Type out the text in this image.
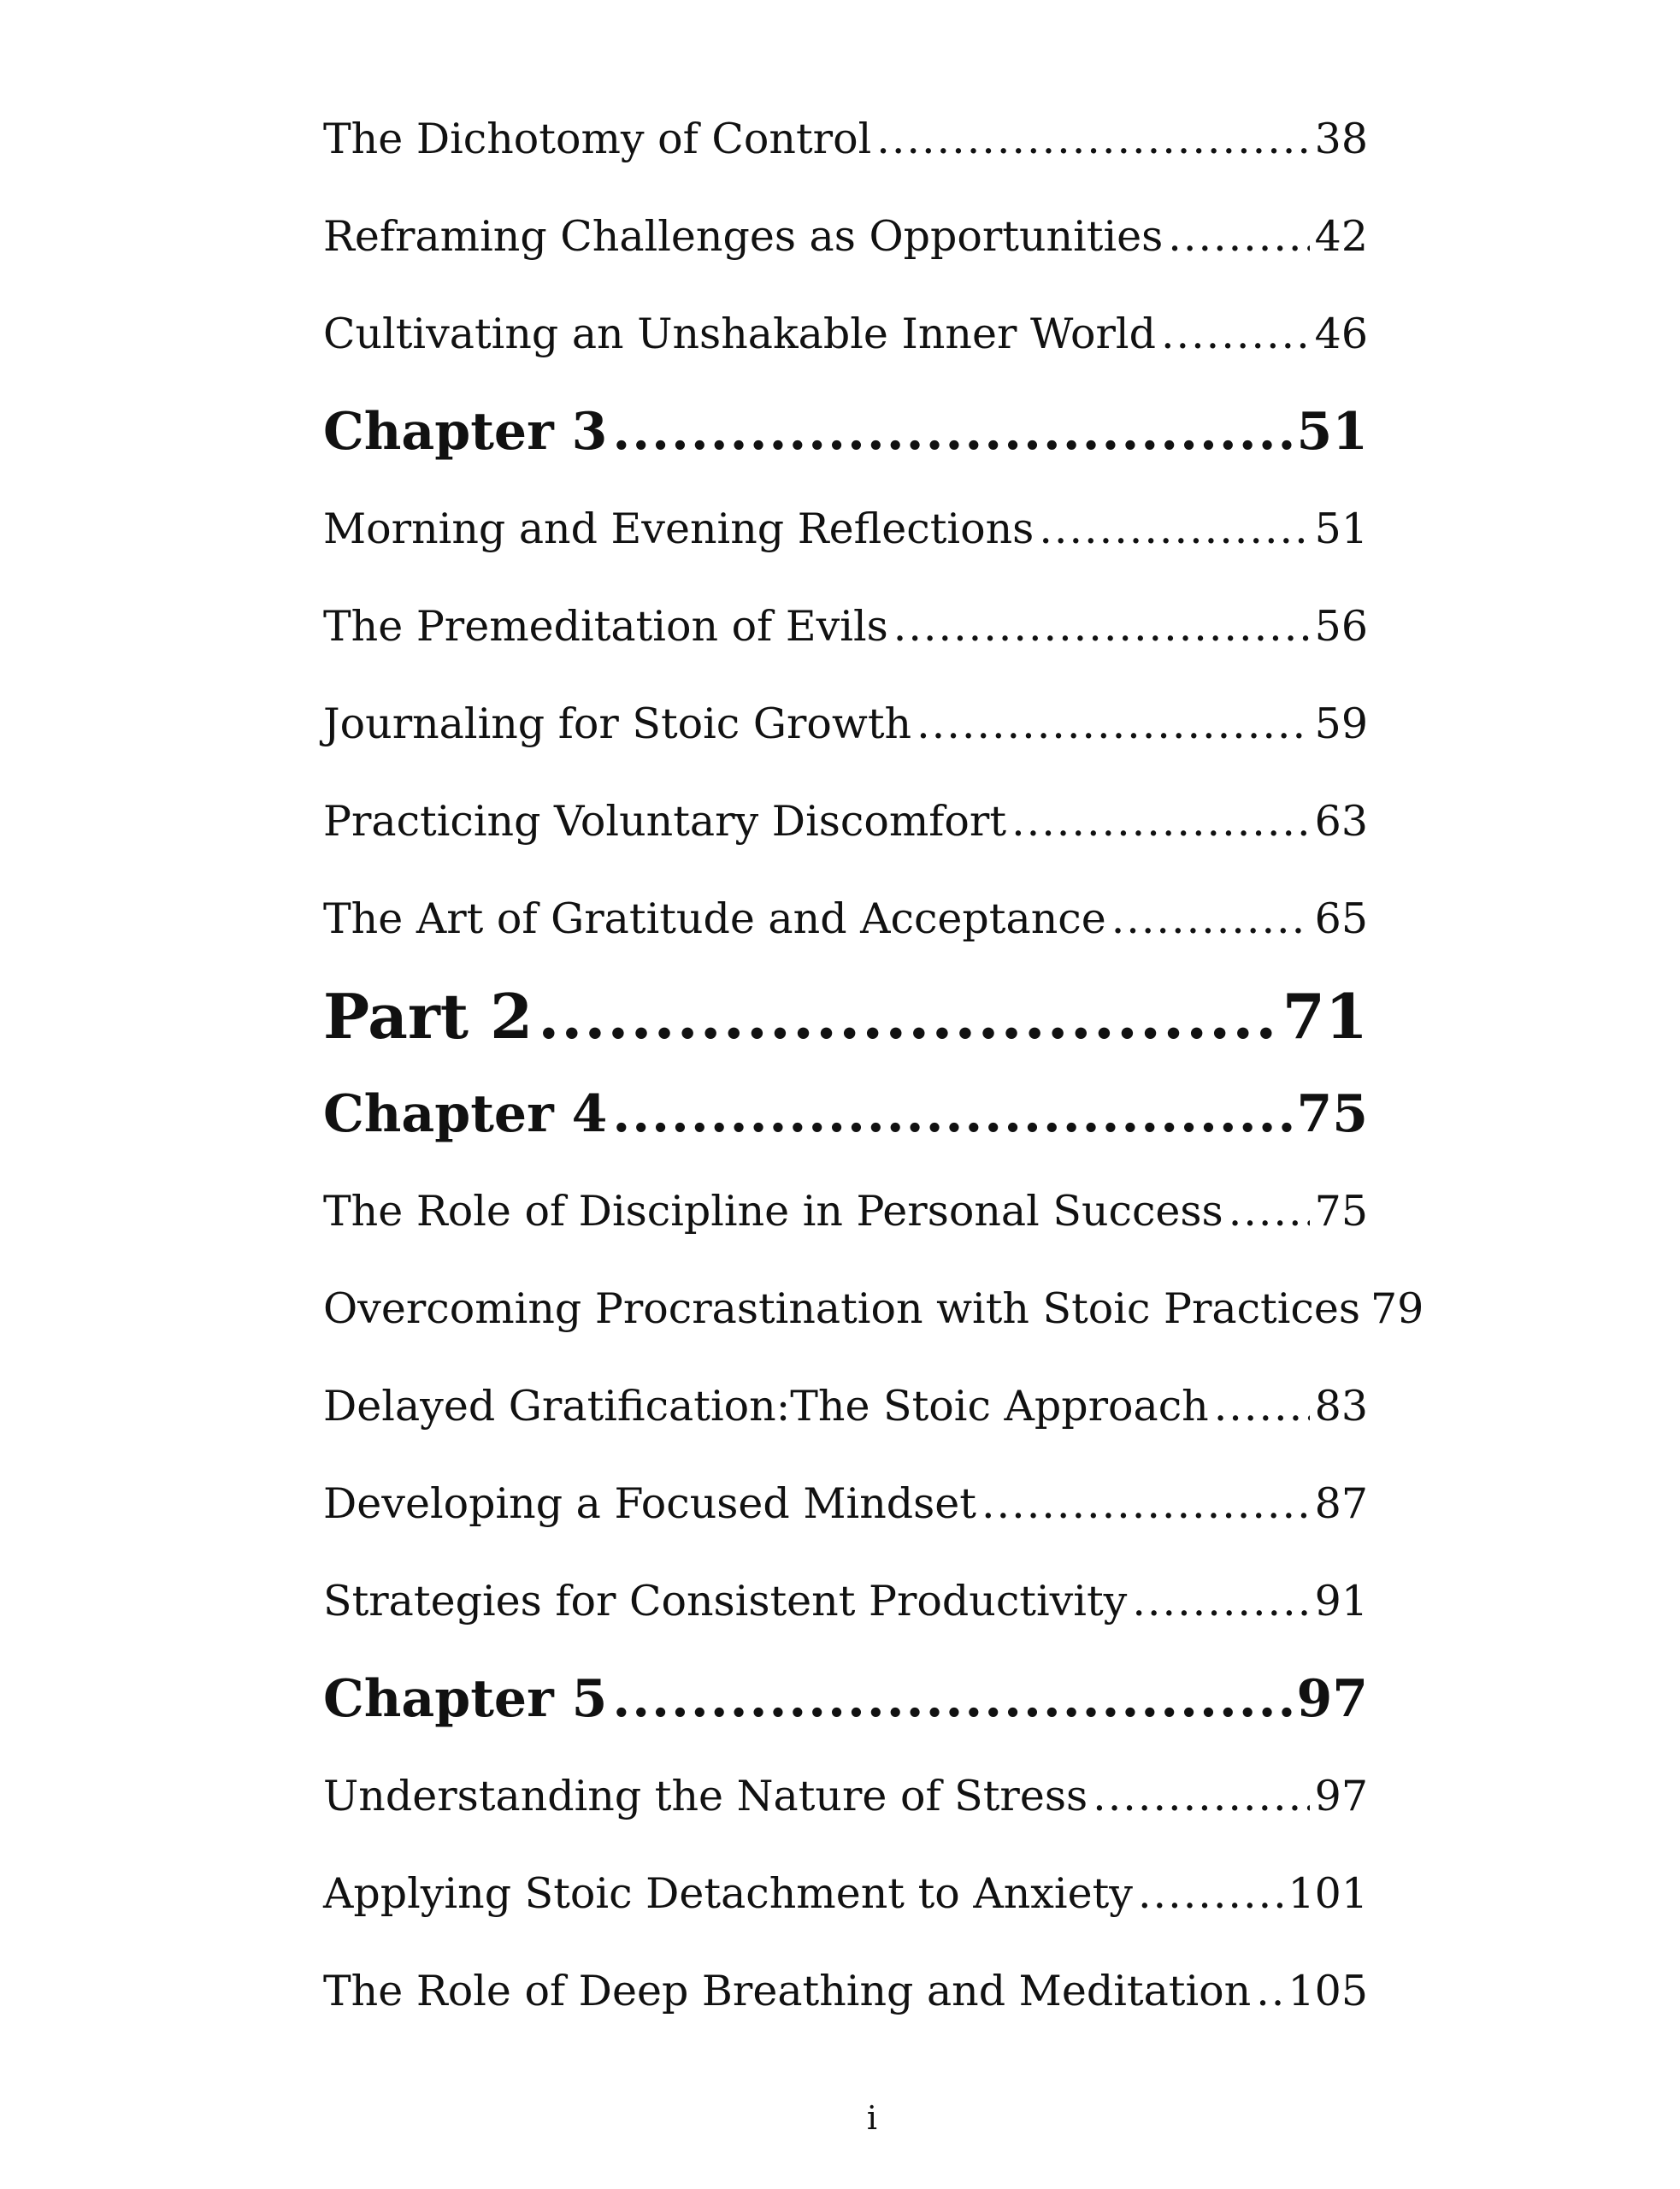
The Dichotomy of Control .....	38
Reframing Challenges as Opportunities .....	42
Cultivating an Unshakable Inner World .....	46
Chapter 3 .....	51
Morning and Evening Reflections .....	51
The Premeditation of Evils .....	56
Journaling for Stoic Growth .....	59
Practicing Voluntary Discomfort .....	63
The Art of Gratitude and Acceptance .....	65
Part 2 .....	71
Chapter 4 .....	75
The Role of Discipline in Personal Success ..... 75
Overcoming Procrastination with Stoic Practices 79
Delayed Gratification:The Stoic Approach .....	83
Developing a Focused Mindset .....	87
Strategies for Consistent Productivity .....	91
Chapter 5 .....	97
Understanding the Nature of Stress .....	97
Applying Stoic Detachment to Anxiety .....	101
The Role of Deep Breathing and Meditation ..... 105
i
